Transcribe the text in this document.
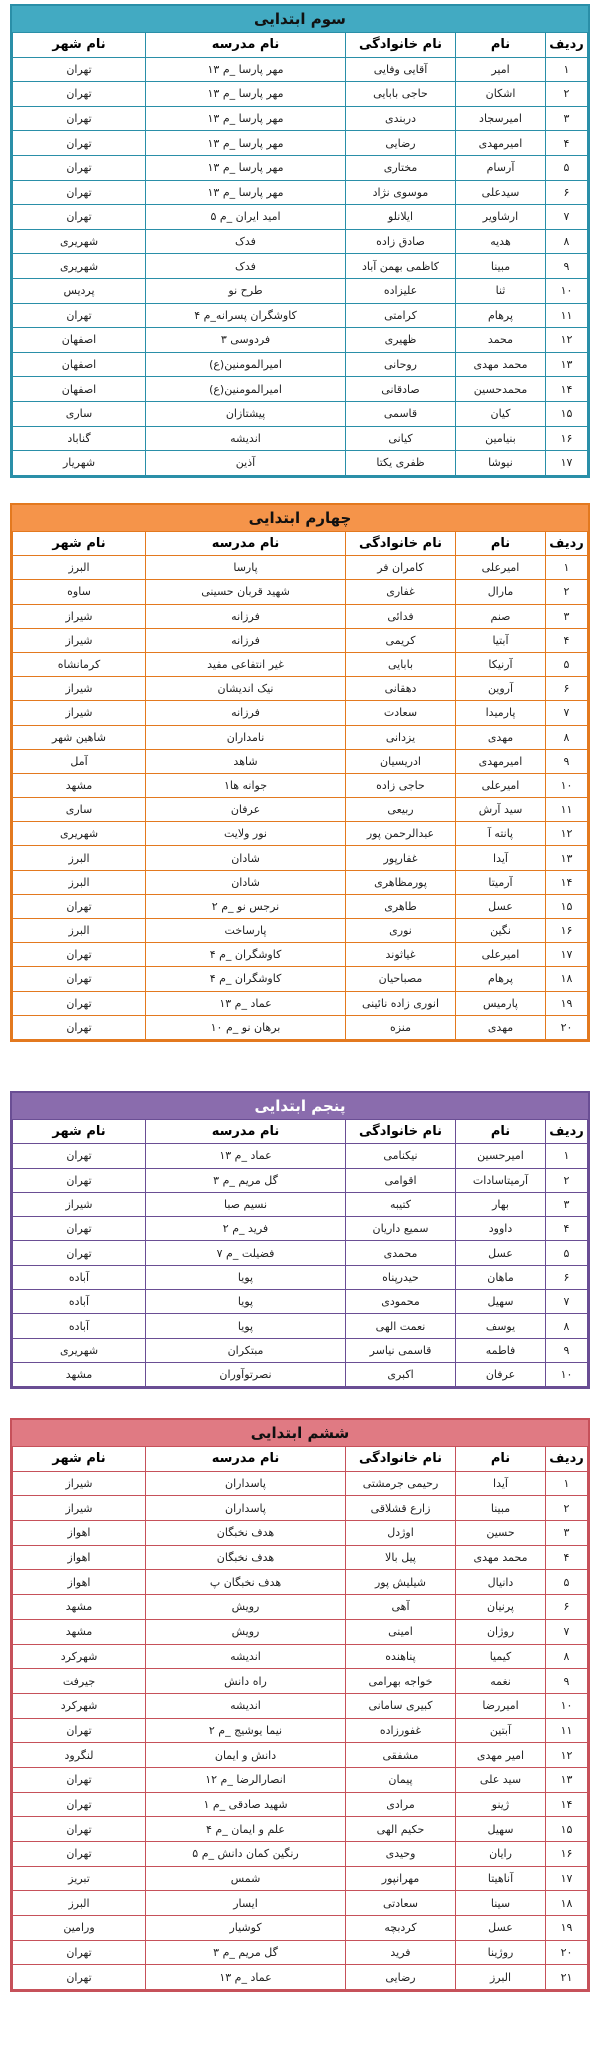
سوم ابتدایی
ردیف	نام	نام خانوادگی	نام مدرسه	نام شهر
۱	امیر	آقایی وفایی	مهر پارسا _م ۱۳	تهران
۲	اشکان	حاجی بابایی	مهر پارسا _م ۱۳	تهران
۳	امیرسجاد	دربندی	مهر پارسا _م ۱۳	تهران
۴	امیرمهدی	رضایی	مهر پارسا _م ۱۳	تهران
۵	آرسام	مختاری	مهر پارسا _م ۱۳	تهران
۶	سیدعلی	موسوی نژاد	مهر پارسا _م ۱۳	تهران
۷	ارشاویر	ایلانلو	امید ایران _م ۵	تهران
۸	هدیه	صادق زاده	فدک	شهریری
۹	مبینا	کاظمی بهمن آباد	فدک	شهریری
۱۰	ثنا	علیزاده	طرح نو	پردیس
۱۱	پرهام	کرامتی	کاوشگران پسرانه_م ۴	تهران
۱۲	محمد	ظهیری	فردوسی ۳	اصفهان
۱۳	محمد مهدی	روحانی	امیرالمومنین(ع)	اصفهان
۱۴	محمدحسین	صادقانی	امیرالمومنین(ع)	اصفهان
۱۵	کیان	قاسمی	پیشتازان	ساری
۱۶	بنیامین	کیانی	اندیشه	گناباد
۱۷	نیوشا	ظفری یکتا	آذین	شهریار
چهارم ابتدایی
ردیف	نام	نام خانوادگی	نام مدرسه	نام شهر
۱	امیرعلی	کامران فر	پارسا	البرز
۲	مارال	غفاری	شهید قربان حسینی	ساوه
۳	صنم	فدائی	فرزانه	شیراز
۴	آبتیا	کریمی	فرزانه	شیراز
۵	آرنیکا	بابایی	غیر انتفاعی مفید	کرمانشاه
۶	آروین	دهقانی	نیک اندیشان	شیراز
۷	پارمیدا	سعادت	فرزانه	شیراز
۸	مهدی	یزدانی	نامداران	شاهین شهر
۹	امیرمهدی	ادریسیان	شاهد	آمل
۱۰	امیرعلی	حاجی زاده	جوانه ها۱	مشهد
۱۱	سید آرش	ربیعی	عرفان	ساری
۱۲	پانته آ	عبدالرحمن پور	نور ولایت	شهریری
۱۳	آیدا	غفارپور	شادان	البرز
۱۴	آرمیتا	پورمظاهری	شادان	البرز
۱۵	عسل	طاهری	نرجس نو _م ۲	تهران
۱۶	نگین	نوری	پارساخت	البرز
۱۷	امیرعلی	غیاثوند	کاوشگران _م ۴	تهران
۱۸	پرهام	مصباحیان	کاوشگران _م ۴	تهران
۱۹	پارمیس	انوری زاده نائینی	عماد _م ۱۳	تهران
۲۰	مهدی	منزه	برهان نو _م ۱۰	تهران
پنجم ابتدایی
ردیف	نام	نام خانوادگی	نام مدرسه	نام شهر
۱	امیرحسین	نیکنامی	عماد _م ۱۳	تهران
۲	آرمیتاسادات	اقوامی	گل مریم _م ۳	تهران
۳	بهار	کتیبه	نسیم صبا	شیراز
۴	داوود	سمیع داریان	فرید _م ۲	تهران
۵	عسل	محمدی	فضیلت _م ۷	تهران
۶	ماهان	حیدرپناه	پویا	آباده
۷	سهیل	محمودی	پویا	آباده
۸	یوسف	نعمت الهی	پویا	آباده
۹	فاطمه	قاسمی نیاسر	مبتکران	شهریری
۱۰	عرفان	اکبری	نصرتوآوران	مشهد
ششم ابتدایی
ردیف	نام	نام خانوادگی	نام مدرسه	نام شهر
۱	آیدا	رحیمی جرمشتی	پاسداران	شیراز
۲	مبینا	زارع قشلاقی	پاسداران	شیراز
۳	حسین	اوژدل	هدف نخبگان	اهواز
۴	محمد مهدی	پیل بالا	هدف نخبگان	اهواز
۵	دانیال	شیلیش پور	هدف نخبگان پ	اهواز
۶	پرنیان	آهی	رویش	مشهد
۷	روژان	امینی	رویش	مشهد
۸	کیمیا	پناهنده	اندیشه	شهرکرد
۹	نغمه	خواجه بهرامی	راه دانش	جیرفت
۱۰	امیررضا	کبیری سامانی	اندیشه	شهرکرد
۱۱	آبتین	غفورزاده	نیما یوشیج _م ۲	تهران
۱۲	امیر مهدی	مشفقی	دانش و ایمان	لنگرود
۱۳	سید علی	پیمان	انصارالرضا _م ۱۲	تهران
۱۴	ژینو	مرادی	شهید صادقی _م ۱	تهران
۱۵	سهیل	حکیم الهی	علم و ایمان _م ۴	تهران
۱۶	رایان	وحیدی	رنگین کمان دانش _م ۵	تهران
۱۷	آناهیتا	مهرانپور	شمس	تبریز
۱۸	سینا	سعادتی	ایسار	البرز
۱۹	عسل	کردبچه	کوشیار	ورامین
۲۰	روژینا	فرید	گل مریم _م ۳	تهران
۲۱	البرز	رضایی	عماد _م ۱۳	تهران
